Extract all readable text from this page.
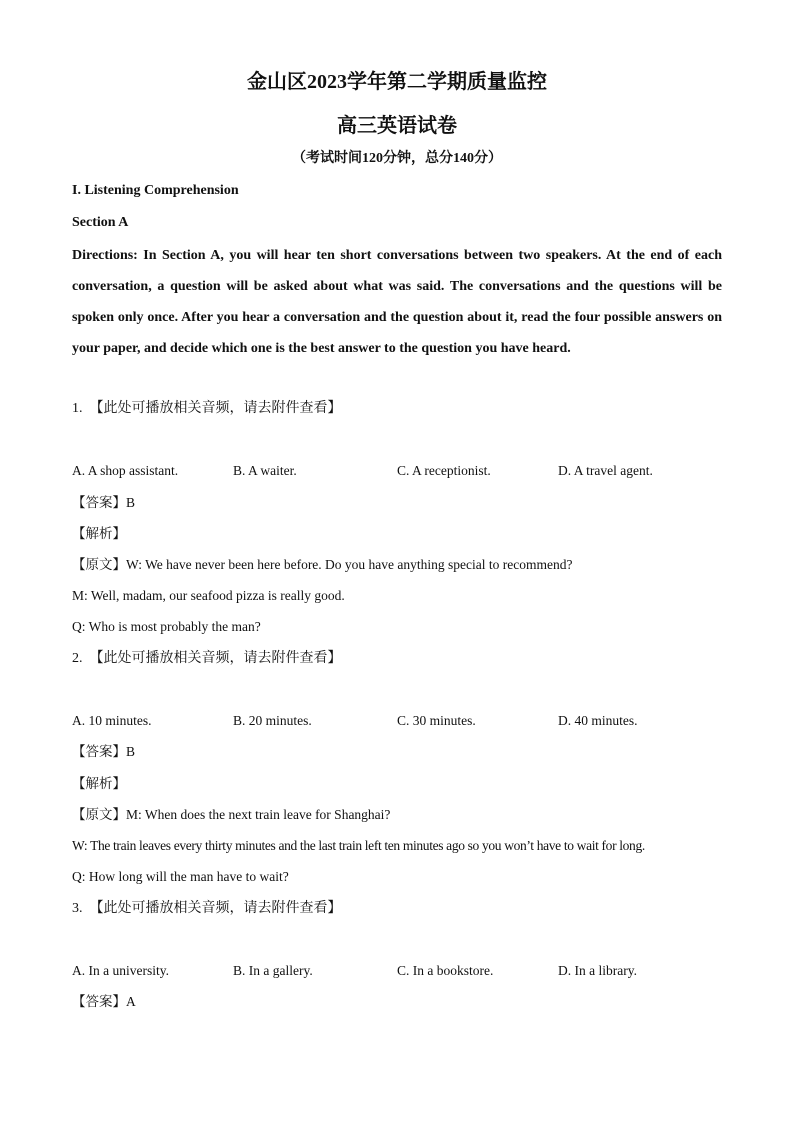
金山区2023学年第二学期质量监控
高三英语试卷
（考试时间120分钟，总分140分）
I. Listening Comprehension
Section A
Directions: In Section A, you will hear ten short conversations between two speakers. At the end of each conversation, a question will be asked about what was said. The conversations and the questions will be spoken only once. After you hear a conversation and the question about it, read the four possible answers on your paper, and decide which one is the best answer to the question you have heard.
1. 【此处可播放相关音频，请去附件查看】
A. A shop assistant.	B. A waiter.	C. A receptionist.	D. A travel agent.
【答案】B
【解析】
【原文】W: We have never been here before. Do you have anything special to recommend?
M: Well, madam, our seafood pizza is really good.
Q: Who is most probably the man?
2. 【此处可播放相关音频，请去附件查看】
A. 10 minutes.	B. 20 minutes.	C. 30 minutes.	D. 40 minutes.
【答案】B
【解析】
【原文】M: When does the next train leave for Shanghai?
W: The train leaves every thirty minutes and the last train left ten minutes ago so you won’t have to wait for long.
Q: How long will the man have to wait?
3. 【此处可播放相关音频，请去附件查看】
A. In a university.	B. In a gallery.	C. In a bookstore.	D. In a library.
【答案】A
